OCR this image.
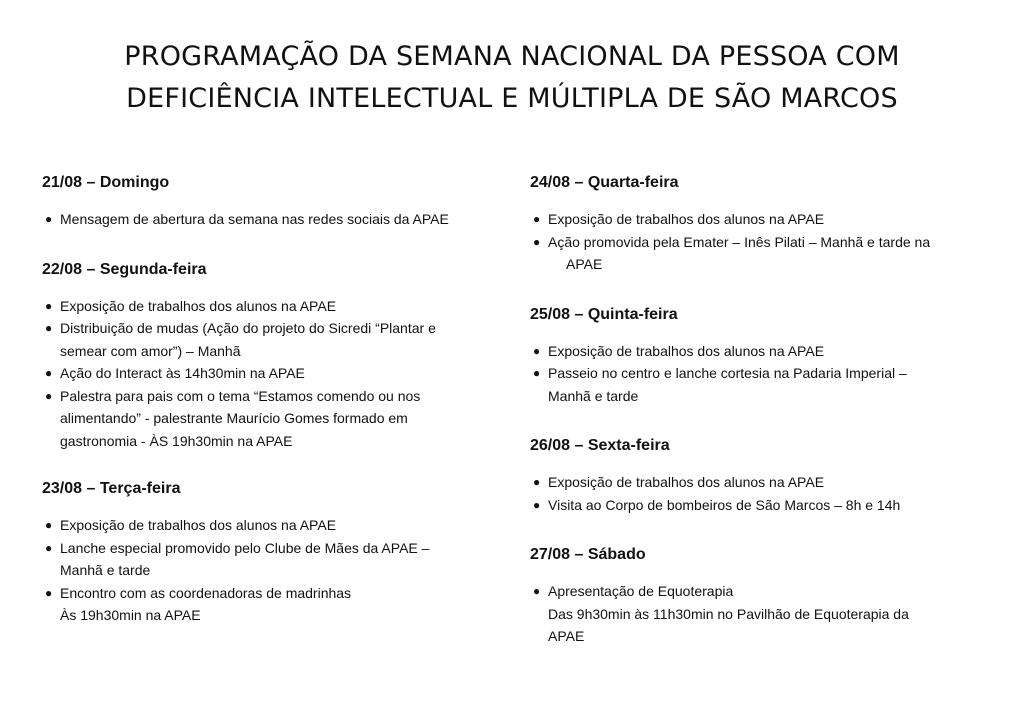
PROGRAMAÇÃO DA SEMANA NACIONAL DA PESSOA COM
DEFICIÊNCIA INTELECTUAL E MÚLTIPLA DE SÃO MARCOS
21/08 – Domingo
● Mensagem de abertura da semana nas redes sociais da APAE
22/08 – Segunda-feira
● Exposição de trabalhos dos alunos na APAE
● Distribuição de mudas (Ação do projeto do Sicredi “Plantar e
semear com amor”) – Manhã
● Ação do Interact às 14h30min na APAE
● Palestra para pais com o tema “Estamos comendo ou nos
alimentando” - palestrante Maurício Gomes formado em
gastronomia - ÀS 19h30min na APAE
23/08 – Terça-feira
● Exposição de trabalhos dos alunos na APAE
● Lanche especial promovido pelo Clube de Mães da APAE –
Manhã e tarde
● Encontro com as coordenadoras de madrinhas
Às 19h30min na APAE
24/08 – Quarta-feira
● Exposição de trabalhos dos alunos na APAE
● Ação promovida pela Emater – Inês Pilati – Manhã e tarde na
APAE
25/08 – Quinta-feira
● Exposição de trabalhos dos alunos na APAE
● Passeio no centro e lanche cortesia na Padaria Imperial –
Manhã e tarde
26/08 – Sexta-feira
● Exposição de trabalhos dos alunos na APAE
● Visita ao Corpo de bombeiros de São Marcos – 8h e 14h
27/08 – Sábado
● Apresentação de Equoterapia
Das 9h30min às 11h30min no Pavilhão de Equoterapia da
APAE
